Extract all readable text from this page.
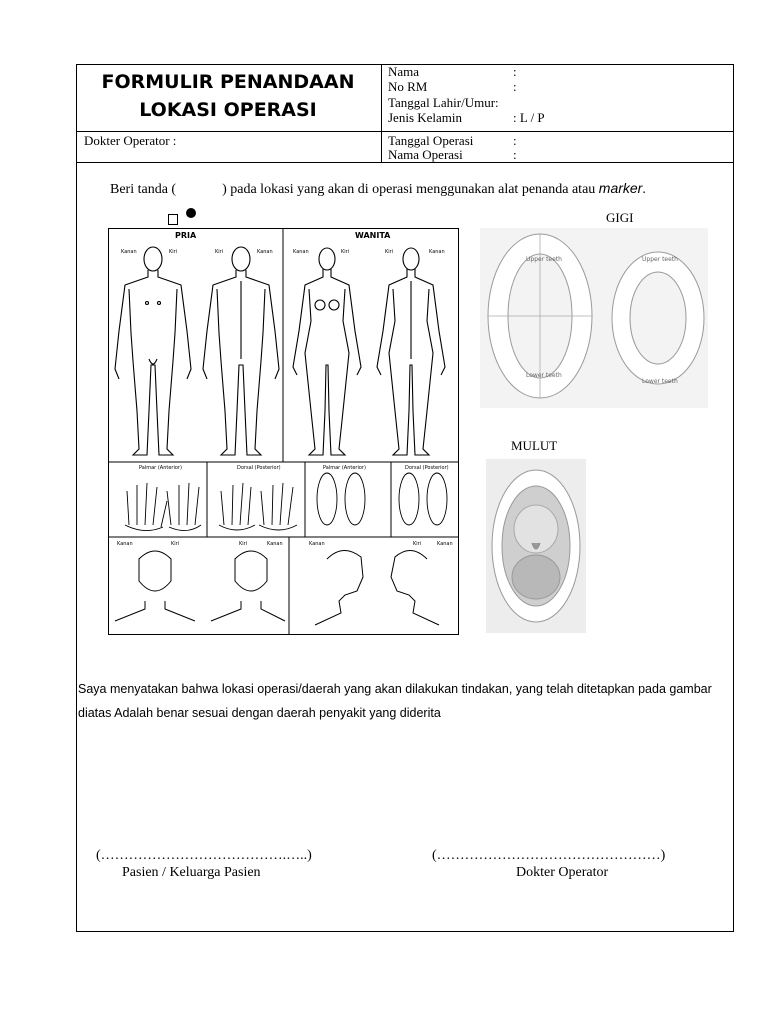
FORMULIR PENANDAAN
LOKASI OPERASI
Nama	:
No RM	:
Tanggal Lahir/Umur:
Jenis Kelamin	: L / P
Dokter Operator :	Tanggal Operasi	:
Nama Operasi	:
Beri tanda (	) pada lokasi yang akan di operasi menggunakan alat penanda atau marker.
PRIA	WANITA
Kanan	Kiri	Kiri	Kanan	Kanan	Kiri	Kiri	Kanan
Palmar (Anterior)	Dorsal (Posterior)	Palmar (Anterior)	Dorsal (Posterior)
Kanan	Kiri	Kiri	Kanan	Kanan	Kiri	Kanan
GIGI
Upper teeth
Lower teeth
Upper teeth
Lower teeth
MULUT
Saya menyatakan bahwa lokasi operasi/daerah yang akan dilakukan tindakan, yang telah ditetapkan pada gambar
diatas Adalah benar sesuai dengan daerah penyakit yang diderita
(………………………………….…..)
Pasien / Keluarga Pasien
(…………………………………………)
Dokter Operator
